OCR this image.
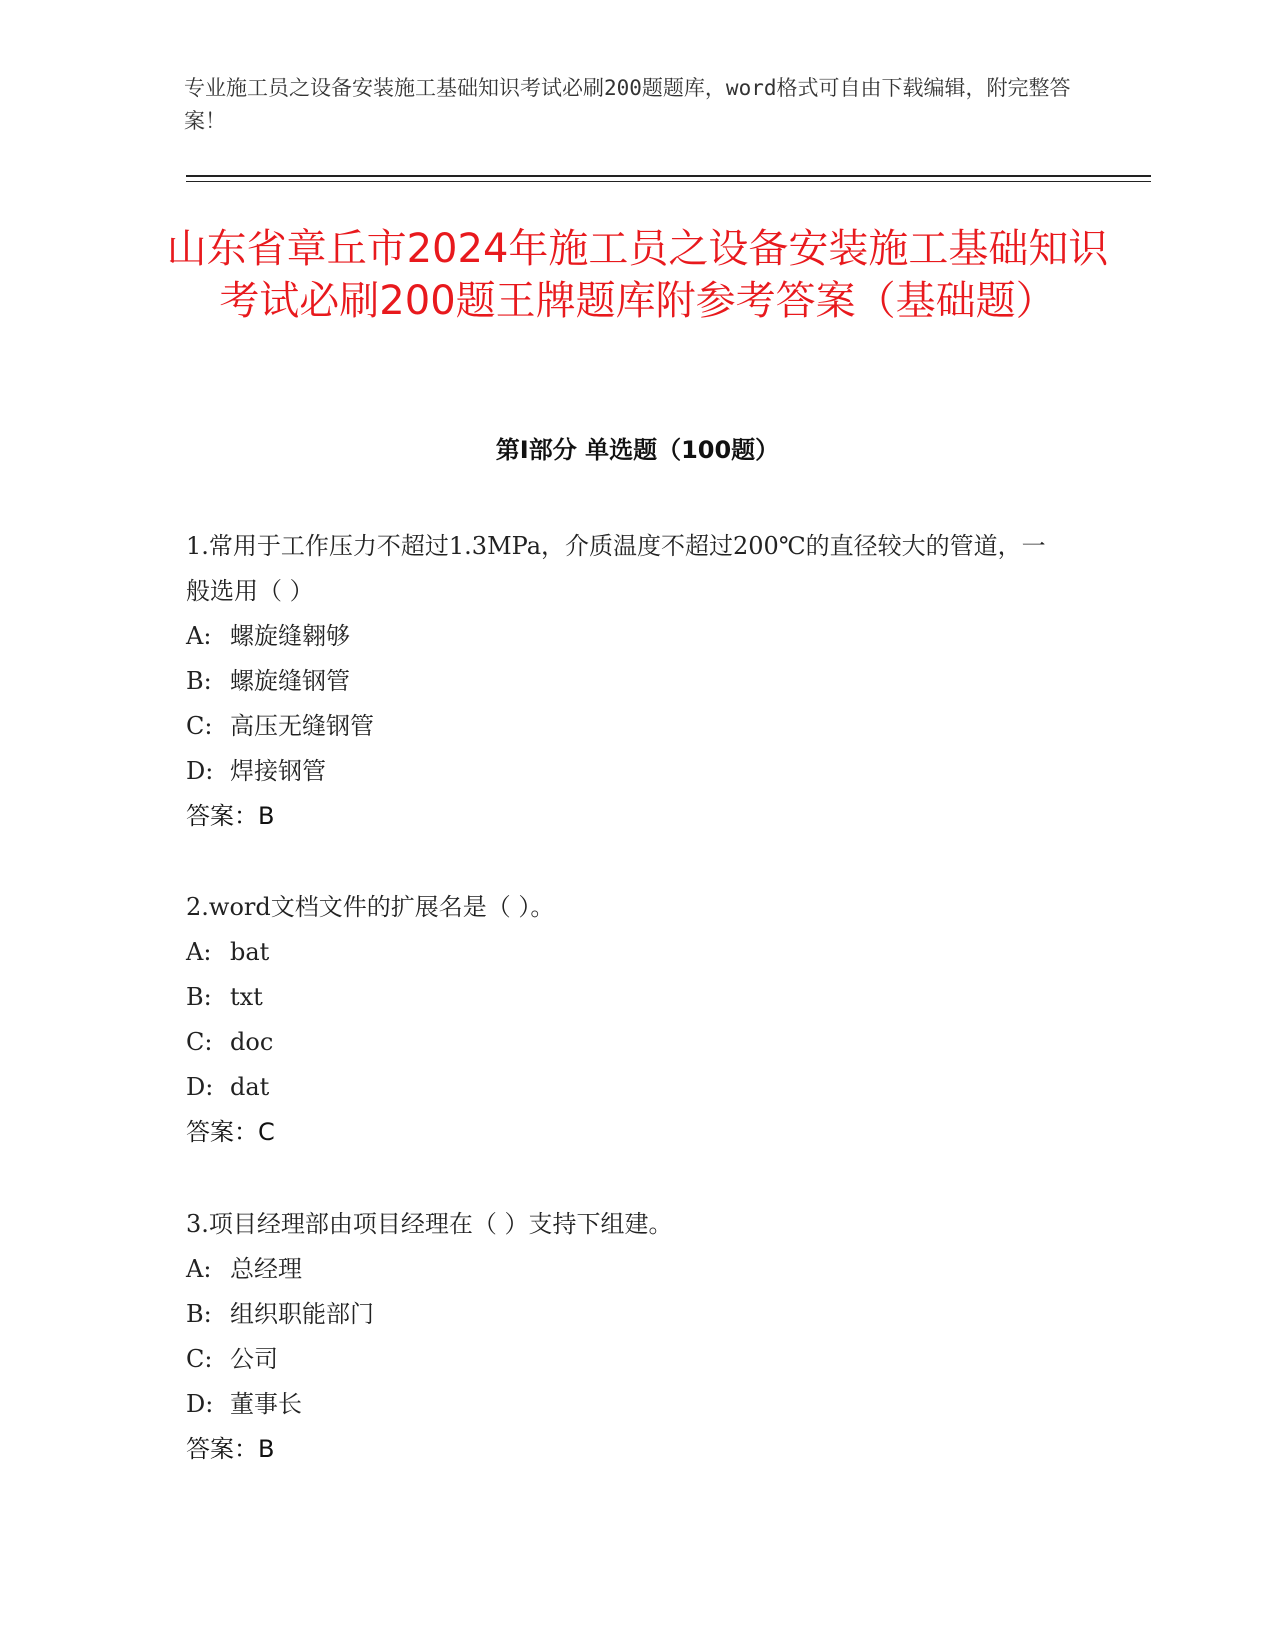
专业施工员之设备安装施工基础知识考试必刷200题题库，word格式可自由下载编辑，附完整答案！

山东省章丘市2024年施工员之设备安装施工基础知识考试必刷200题王牌题库附参考答案（基础题）
第Ⅰ部分 单选题（100题）

1.常用于工作压力不超过1.3MPa，介质温度不超过200℃的直径较大的管道，一般选用（ ）

A: 螺旋缝翱够

B: 螺旋缝钢管

C: 高压无缝钢管

D: 焊接钢管

答案：B

2.word文档文件的扩展名是（ ）。

A: bat

B: txt

C: doc

D: dat

答案：C

3.项目经理部由项目经理在（ ）支持下组建。

A: 总经理

B: 组织职能部门

C: 公司

D: 董事长

答案：B
